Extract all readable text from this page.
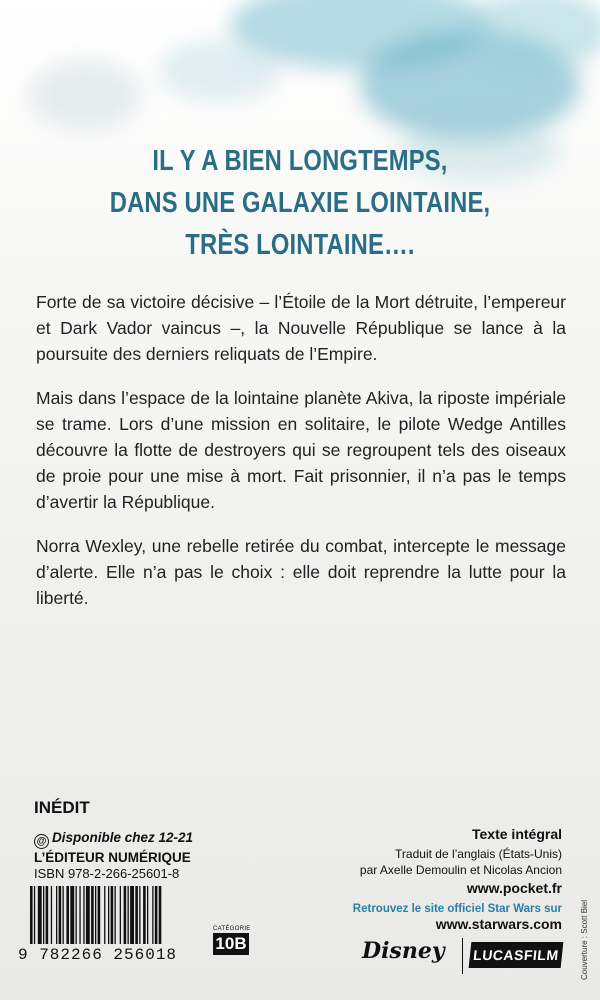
IL Y A BIEN LONGTEMPS,
DANS UNE GALAXIE LOINTAINE,
TRÈS LOINTAINE….

Forte de sa victoire décisive – l’Étoile de la Mort détruite, l’empereur et Dark Vador vaincus –, la Nouvelle République se lance à la poursuite des derniers reliquats de l’Empire.

Mais dans l’espace de la lointaine planète Akiva, la riposte impériale se trame. Lors d’une mission en solitaire, le pilote Wedge Antilles découvre la flotte de destroyers qui se regroupent tels des oiseaux de proie pour une mise à mort. Fait prisonnier, il n’a pas le temps d’avertir la République.

Norra Wexley, une rebelle retirée du combat, intercepte le message d’alerte. Elle n’a pas le choix : elle doit reprendre la lutte pour la liberté.

INÉDIT
@ Disponible chez 12-21
L’ÉDITEUR NUMÉRIQUE
ISBN 978-2-266-25601-8
9 782266 256018
CATÉGORIE
10B
Texte intégral
Traduit de l’anglais (États-Unis)
par Axelle Demoulin et Nicolas Ancion
www.pocket.fr
Retrouvez le site officiel Star Wars sur
www.starwars.com
Disney LUCASFILM	Couverture : Scott Biel
